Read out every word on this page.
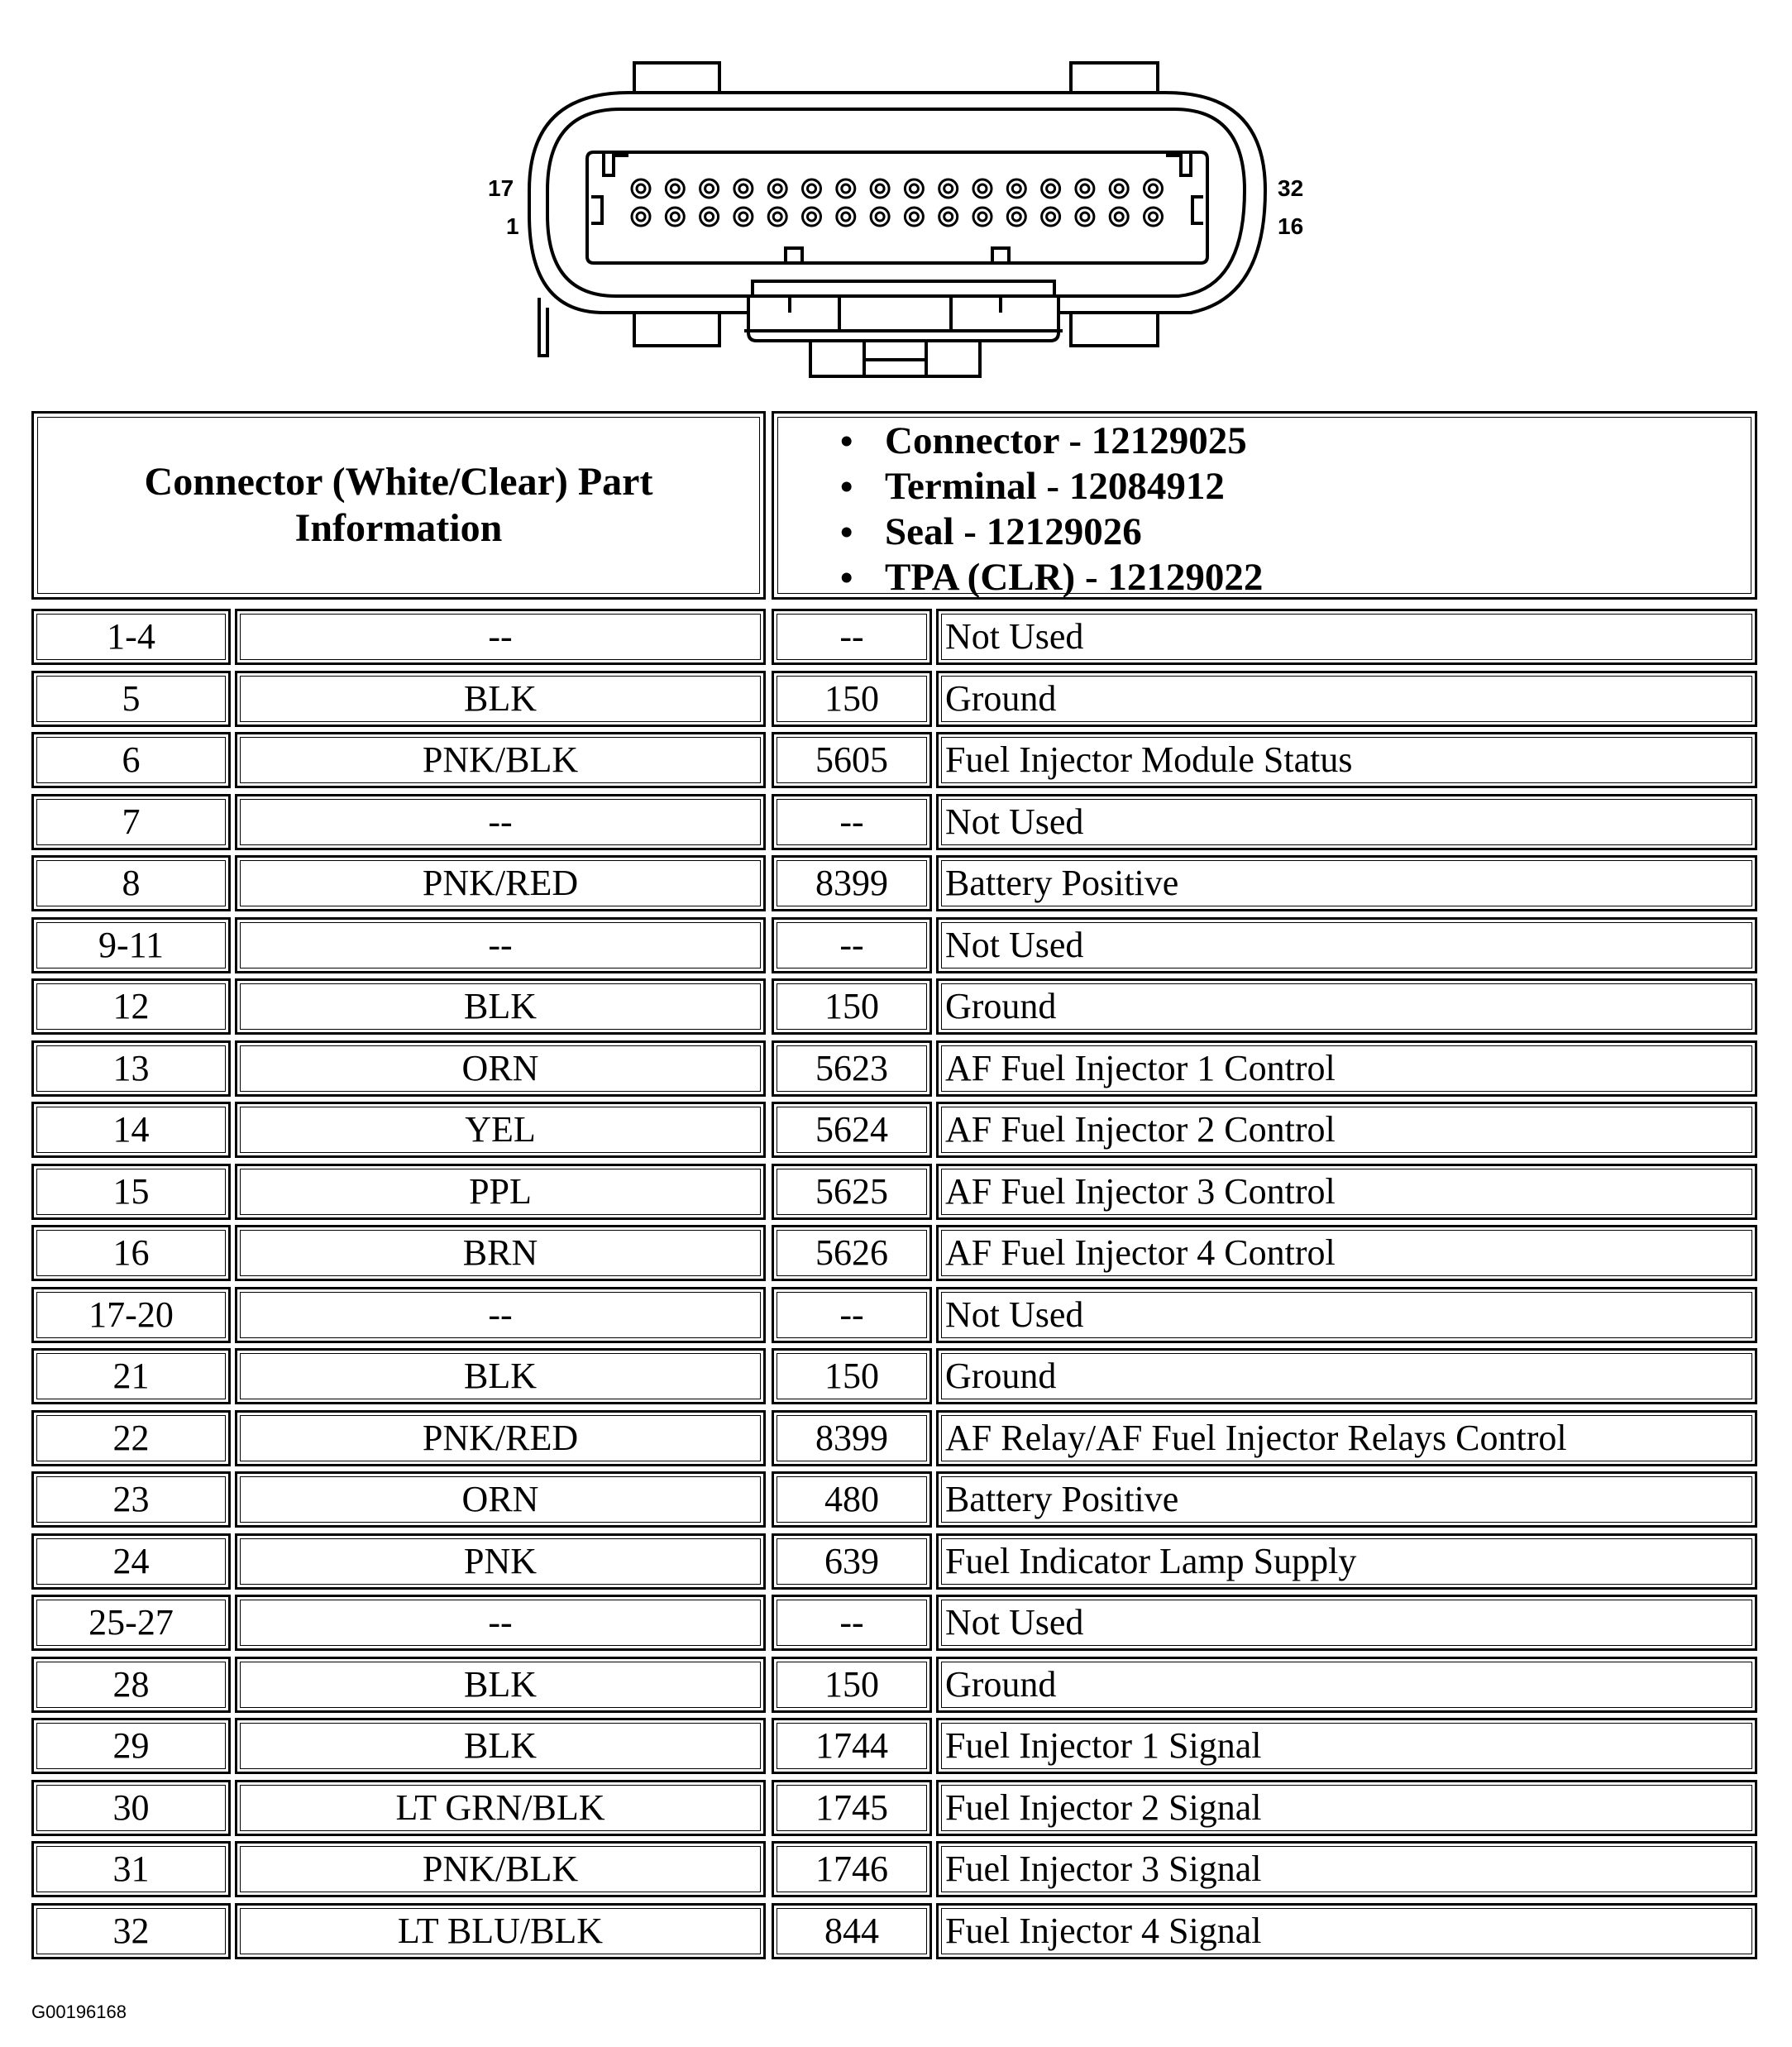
17
1
32
16
Connector (White/Clear) Part Information
• Connector - 12129025
• Terminal - 12084912
• Seal - 12129026
• TPA (CLR) - 12129022
1-4	--	--	Not Used
5	BLK	150	Ground
6	PNK/BLK	5605	Fuel Injector Module Status
7	--	--	Not Used
8	PNK/RED	8399	Battery Positive
9-11	--	--	Not Used
12	BLK	150	Ground
13	ORN	5623	AF Fuel Injector 1 Control
14	YEL	5624	AF Fuel Injector 2 Control
15	PPL	5625	AF Fuel Injector 3 Control
16	BRN	5626	AF Fuel Injector 4 Control
17-20	--	--	Not Used
21	BLK	150	Ground
22	PNK/RED	8399	AF Relay/AF Fuel Injector Relays Control
23	ORN	480	Battery Positive
24	PNK	639	Fuel Indicator Lamp Supply
25-27	--	--	Not Used
28	BLK	150	Ground
29	BLK	1744	Fuel Injector 1 Signal
30	LT GRN/BLK	1745	Fuel Injector 2 Signal
31	PNK/BLK	1746	Fuel Injector 3 Signal
32	LT BLU/BLK	844	Fuel Injector 4 Signal
G00196168
